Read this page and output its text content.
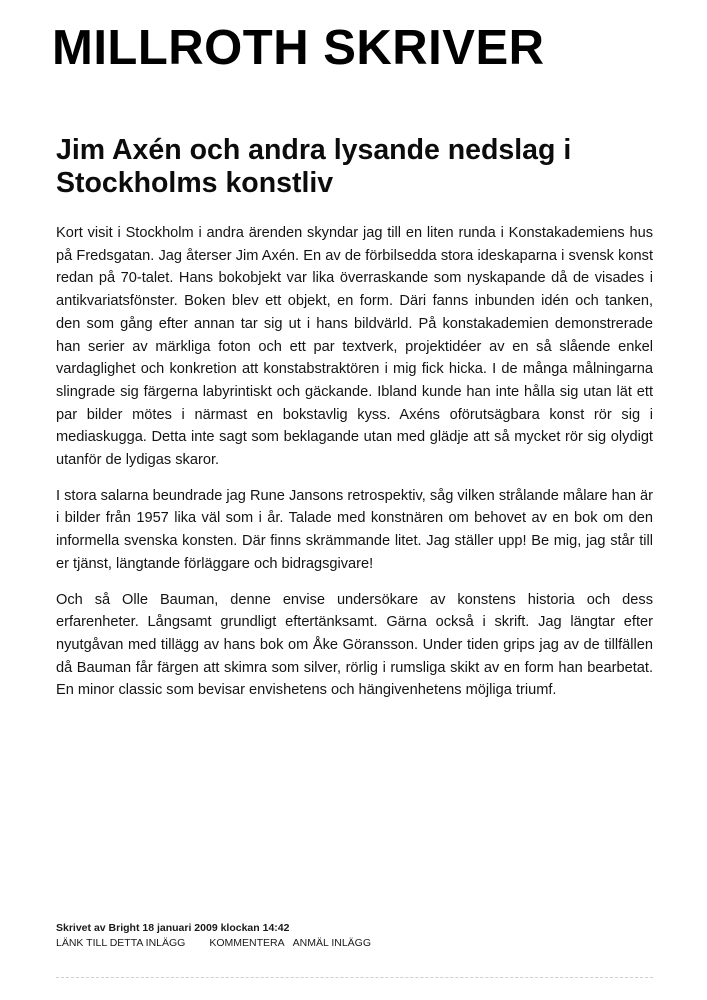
MILLROTH SKRIVER
Jim Axén och andra lysande nedslag i Stockholms konstliv

Kort visit i Stockholm i andra ärenden skyndar jag till en liten runda i Konstakademiens hus på Fredsgatan. Jag återser Jim Axén. En av de förbilsedda stora ideskaparna i svensk konst redan på 70-talet. Hans bokobjekt var lika överraskande som nyskapande då de visades i antikvariatsfönster. Boken blev ett objekt, en form. Däri fanns inbunden idén och tanken, den som gång efter annan tar sig ut i hans bildvärld. På konstakademien demonstrerade han serier av märkliga foton och ett par textverk, projektidéer av en så slående enkel vardaglighet och konkretion att konstabstraktören i mig fick hicka. I de många målningarna slingrade sig färgerna labyrintiskt och gäckande. Ibland kunde han inte hålla sig utan lät ett par bilder mötes i närmast en bokstavlig kyss. Axéns oförutsägbara konst rör sig i mediaskugga. Detta inte sagt som beklagande utan med glädje att så mycket rör sig olydigt utanför de lydigas skaror.

I stora salarna beundrade jag Rune Jansons retrospektiv, såg vilken strålande målare han är i bilder från 1957 lika väl som i år. Talade med konstnären om behovet av en bok om den informella svenska konsten. Där finns skrämmande litet. Jag ställer upp! Be mig, jag står till er tjänst, längtande förläggare och bidragsgivare!

Och så Olle Bauman, denne envise undersökare av konstens historia och dess erfarenheter. Långsamt grundligt eftertänksamt. Gärna också i skrift. Jag längtar efter nyutgåvan med tillägg av hans bok om Åke Göransson. Under tiden grips jag av de tillfällen då Bauman får färgen att skimra som silver, rörlig i rumsliga skikt av en form han bearbetat. En minor classic som bevisar envishetens och hängivenhetens möjliga triumf.

Skrivet av Bright 18 januari 2009 klockan 14:42
LÄNK TILL DETTA INLÄGG KOMMENTERA ANMÄL INLÄGG
